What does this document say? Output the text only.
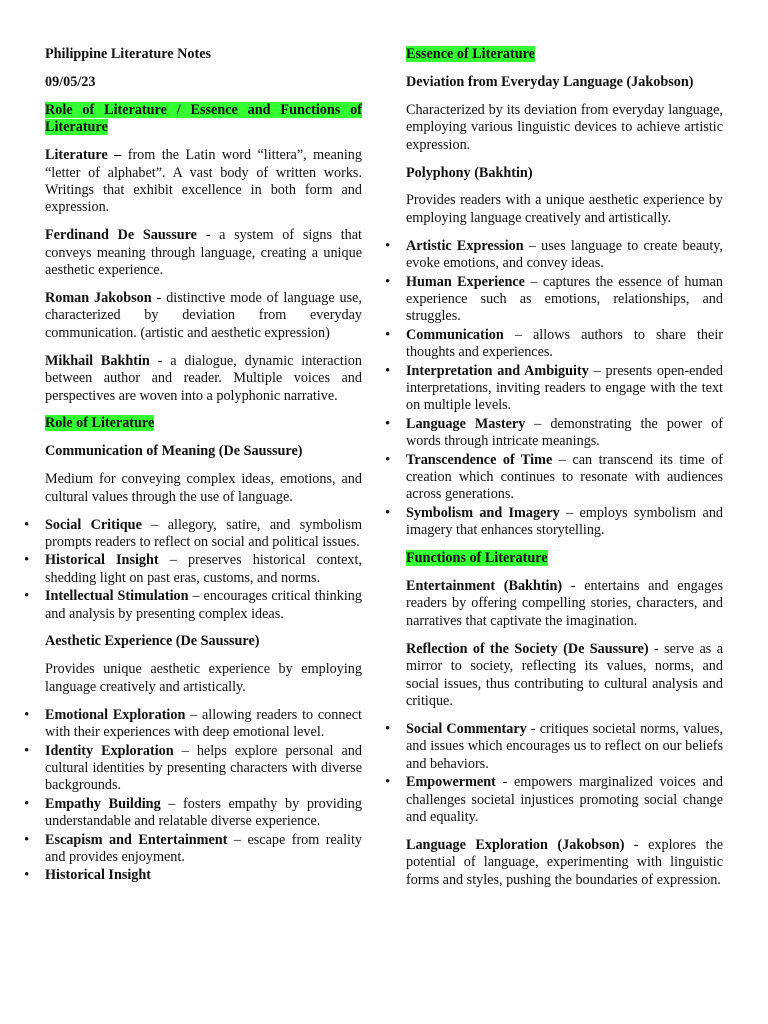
Philippine Literature Notes

09/05/23

Role of Literature / Essence and Functions of Literature

Literature – from the Latin word “littera”, meaning “letter of alphabet”. A vast body of written works. Writings that exhibit excellence in both form and expression.

Ferdinand De Saussure - a system of signs that conveys meaning through language, creating a unique aesthetic experience.

Roman Jakobson - distinctive mode of language use, characterized by deviation from everyday communication. (artistic and aesthetic expression)

Mikhail Bakhtin - a dialogue, dynamic interaction between author and reader. Multiple voices and perspectives are woven into a polyphonic narrative.

Role of Literature

Communication of Meaning (De Saussure)

Medium for conveying complex ideas, emotions, and cultural values through the use of language.

• Social Critique – allegory, satire, and symbolism prompts readers to reflect on social and political issues.
• Historical Insight – preserves historical context, shedding light on past eras, customs, and norms.
• Intellectual Stimulation – encourages critical thinking and analysis by presenting complex ideas.

Aesthetic Experience (De Saussure)

Provides unique aesthetic experience by employing language creatively and artistically.

• Emotional Exploration – allowing readers to connect with their experiences with deep emotional level.
• Identity Exploration – helps explore personal and cultural identities by presenting characters with diverse backgrounds.
• Empathy Building – fosters empathy by providing understandable and relatable diverse experience.
• Escapism and Entertainment – escape from reality and provides enjoyment.
• Historical Insight

Essence of Literature

Deviation from Everyday Language (Jakobson)

Characterized by its deviation from everyday language, employing various linguistic devices to achieve artistic expression.

Polyphony (Bakhtin)

Provides readers with a unique aesthetic experience by employing language creatively and artistically.

• Artistic Expression – uses language to create beauty, evoke emotions, and convey ideas.
• Human Experience – captures the essence of human experience such as emotions, relationships, and struggles.
• Communication – allows authors to share their thoughts and experiences.
• Interpretation and Ambiguity – presents open-ended interpretations, inviting readers to engage with the text on multiple levels.
• Language Mastery – demonstrating the power of words through intricate meanings.
• Transcendence of Time – can transcend its time of creation which continues to resonate with audiences across generations.
• Symbolism and Imagery – employs symbolism and imagery that enhances storytelling.

Functions of Literature

Entertainment (Bakhtin) - entertains and engages readers by offering compelling stories, characters, and narratives that captivate the imagination.

Reflection of the Society (De Saussure) - serve as a mirror to society, reflecting its values, norms, and social issues, thus contributing to cultural analysis and critique.

• Social Commentary - critiques societal norms, values, and issues which encourages us to reflect on our beliefs and behaviors.
• Empowerment - empowers marginalized voices and challenges societal injustices promoting social change and equality.

Language Exploration (Jakobson) - explores the potential of language, experimenting with linguistic forms and styles, pushing the boundaries of expression.
